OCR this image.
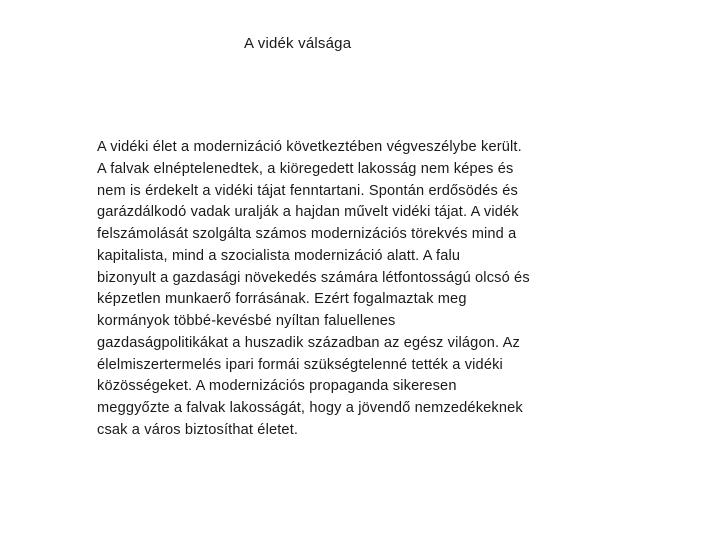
A vidék válsága

A vidéki élet a modernizáció következtében végveszélybe került.
A falvak elnéptelenedtek, a kiöregedett lakosság nem képes és
nem is érdekelt a vidéki tájat fenntartani. Spontán erdősödés és
garázdálkodó vadak uralják a hajdan művelt vidéki tájat. A vidék
felszámolását szolgálta számos modernizációs törekvés mind a
kapitalista, mind a szocialista modernizáció alatt. A falu
bizonyult a gazdasági növekedés számára létfontosságú olcsó és
képzetlen munkaerő forrásának. Ezért fogalmaztak meg
kormányok többé-kevésbé nyíltan faluellenes
gazdaságpolitikákat a huszadik században az egész világon. Az
élelmiszertermelés ipari formái szükségtelenné tették a vidéki
közösségeket. A modernizációs propaganda sikeresen
meggyőzte a falvak lakosságát, hogy a jövendő nemzedékeknek
csak a város biztosíthat életet.
